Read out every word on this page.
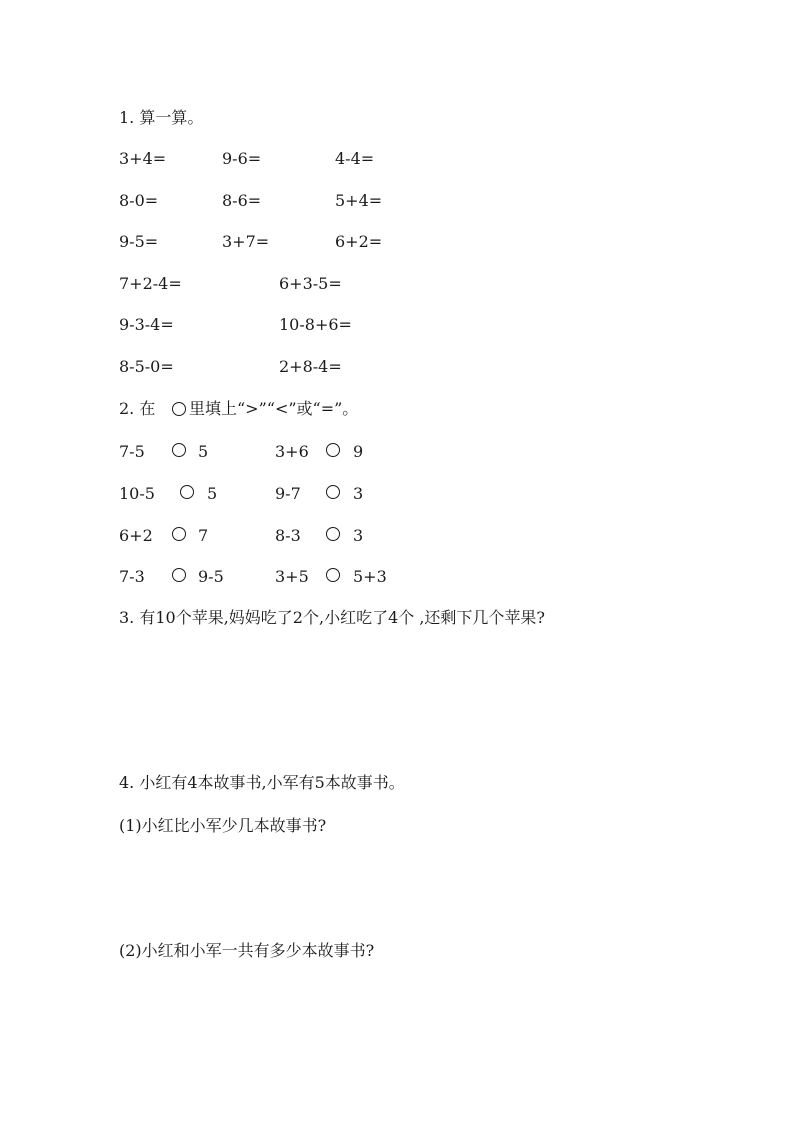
1. 算一算。
3+4=	9-6=	4-4=
8-0=	8-6=	5+4=
9-5=	3+7=	6+2=
7+2-4=	6+3-5=
9-3-4=	10-8+6=
8-5-0=	2+8-4=
2. 在 里填上“>”“<”或“=”。
7-5	5	3+6	9
10-5	5	9-7	3
6+2	7	8-3	3
7-3	9-5	3+5	5+3
3. 有10个苹果,妈妈吃了2个,小红吃了4个 ,还剩下几个苹果?
4. 小红有4本故事书,小军有5本故事书。
(1)小红比小军少几本故事书?
(2)小红和小军一共有多少本故事书?
